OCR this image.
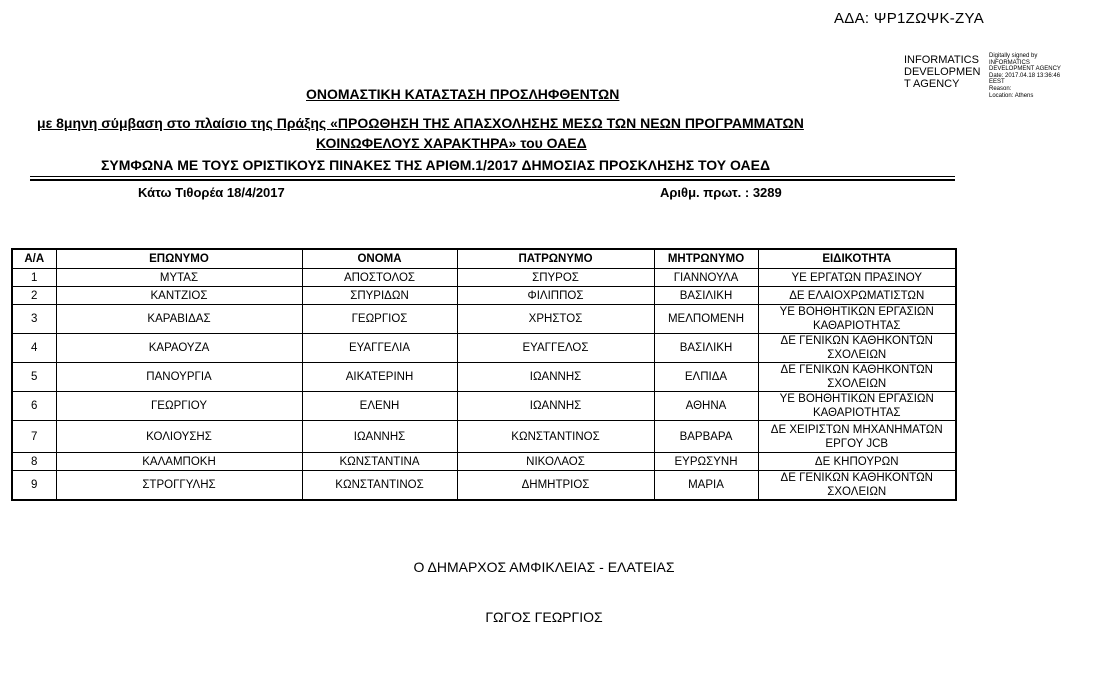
ΑΔΑ: ΨΡ1ΖΩΨΚ-ΖΥΑ
INFORMATICS DEVELOPMEN T AGENCY
Digitally signed by
INFORMATICS
DEVELOPMENT AGENCY
Date: 2017.04.18 13:36:46
EEST
Reason:
Location: Athens
ΟΝΟΜΑΣΤΙΚΗ ΚΑΤΑΣΤΑΣΗ ΠΡΟΣΛΗΦΘΕΝΤΩΝ
με 8μηνη σύμβαση στο πλαίσιο της Πράξης «ΠΡΟΩΘΗΣΗ ΤΗΣ ΑΠΑΣΧΟΛΗΣΗΣ ΜΕΣΩ ΤΩΝ ΝΕΩΝ ΠΡΟΓΡΑΜΜΑΤΩΝ
ΚΟΙΝΩΦΕΛΟΥΣ ΧΑΡΑΚΤΗΡΑ» του ΟΑΕΔ
ΣΥΜΦΩΝΑ ΜΕ ΤΟΥΣ ΟΡΙΣΤΙΚΟΥΣ ΠΙΝΑΚΕΣ ΤΗΣ ΑΡΙΘΜ.1/2017 ΔΗΜΟΣΙΑΣ ΠΡΟΣΚΛΗΣΗΣ ΤΟΥ ΟΑΕΔ
Κάτω Τιθορέα 18/4/2017	Αριθμ. πρωτ. : 3289
Α/Α	ΕΠΩΝΥΜΟ	ΟΝΟΜΑ	ΠΑΤΡΩΝΥΜΟ	ΜΗΤΡΩΝΥΜΟ	ΕΙΔΙΚΟΤΗΤΑ
1	ΜΥΤΑΣ	ΑΠΟΣΤΟΛΟΣ	ΣΠΥΡΟΣ	ΓΙΑΝΝΟΥΛΑ	ΥΕ ΕΡΓΑΤΩΝ ΠΡΑΣΙΝΟΥ

2	ΚΑΝΤΖΙΟΣ	ΣΠΥΡΙΔΩΝ	ΦΙΛΙΠΠΟΣ	ΒΑΣΙΛΙΚΗ	ΔΕ ΕΛΑΙΟΧΡΩΜΑΤΙΣΤΩΝ

3	ΚΑΡΑΒΙΔΑΣ	ΓΕΩΡΓΙΟΣ	ΧΡΗΣΤΟΣ	ΜΕΛΠΟΜΕΝΗ	ΥΕ ΒΟΗΘΗΤΙΚΩΝ ΕΡΓΑΣΙΩΝ
ΚΑΘΑΡΙΟΤΗΤΑΣ

4	ΚΑΡΑΟΥΖΑ	ΕΥΑΓΓΕΛΙΑ	ΕΥΑΓΓΕΛΟΣ	ΒΑΣΙΛΙΚΗ	ΔΕ ΓΕΝΙΚΩΝ ΚΑΘΗΚΟΝΤΩΝ
ΣΧΟΛΕΙΩΝ

5	ΠΑΝΟΥΡΓΙΑ	ΑΙΚΑΤΕΡΙΝΗ	ΙΩΑΝΝΗΣ	ΕΛΠΙΔΑ	ΔΕ ΓΕΝΙΚΩΝ ΚΑΘΗΚΟΝΤΩΝ
ΣΧΟΛΕΙΩΝ

6	ΓΕΩΡΓΙΟΥ	ΕΛΕΝΗ	ΙΩΑΝΝΗΣ	ΑΘΗΝΑ	ΥΕ ΒΟΗΘΗΤΙΚΩΝ ΕΡΓΑΣΙΩΝ
ΚΑΘΑΡΙΟΤΗΤΑΣ

7	ΚΟΛΙΟΥΣΗΣ	ΙΩΑΝΝΗΣ	ΚΩΝΣΤΑΝΤΙΝΟΣ	ΒΑΡΒΑΡΑ	ΔΕ ΧΕΙΡΙΣΤΩΝ ΜΗΧΑΝΗΜΑΤΩΝ
ΕΡΓΟΥ JCB

8	ΚΑΛΑΜΠΟΚΗ	ΚΩΝΣΤΑΝΤΙΝΑ	ΝΙΚΟΛΑΟΣ	ΕΥΡΩΣΥΝΗ	ΔΕ ΚΗΠΟΥΡΩΝ

9	ΣΤΡΟΓΓΥΛΗΣ	ΚΩΝΣΤΑΝΤΙΝΟΣ	ΔΗΜΗΤΡΙΟΣ	ΜΑΡΙΑ	ΔΕ ΓΕΝΙΚΩΝ ΚΑΘΗΚΟΝΤΩΝ
ΣΧΟΛΕΙΩΝ
Ο ΔΗΜΑΡΧΟΣ ΑΜΦΙΚΛΕΙΑΣ - ΕΛΑΤΕΙΑΣ
ΓΩΓΟΣ ΓΕΩΡΓΙΟΣ
